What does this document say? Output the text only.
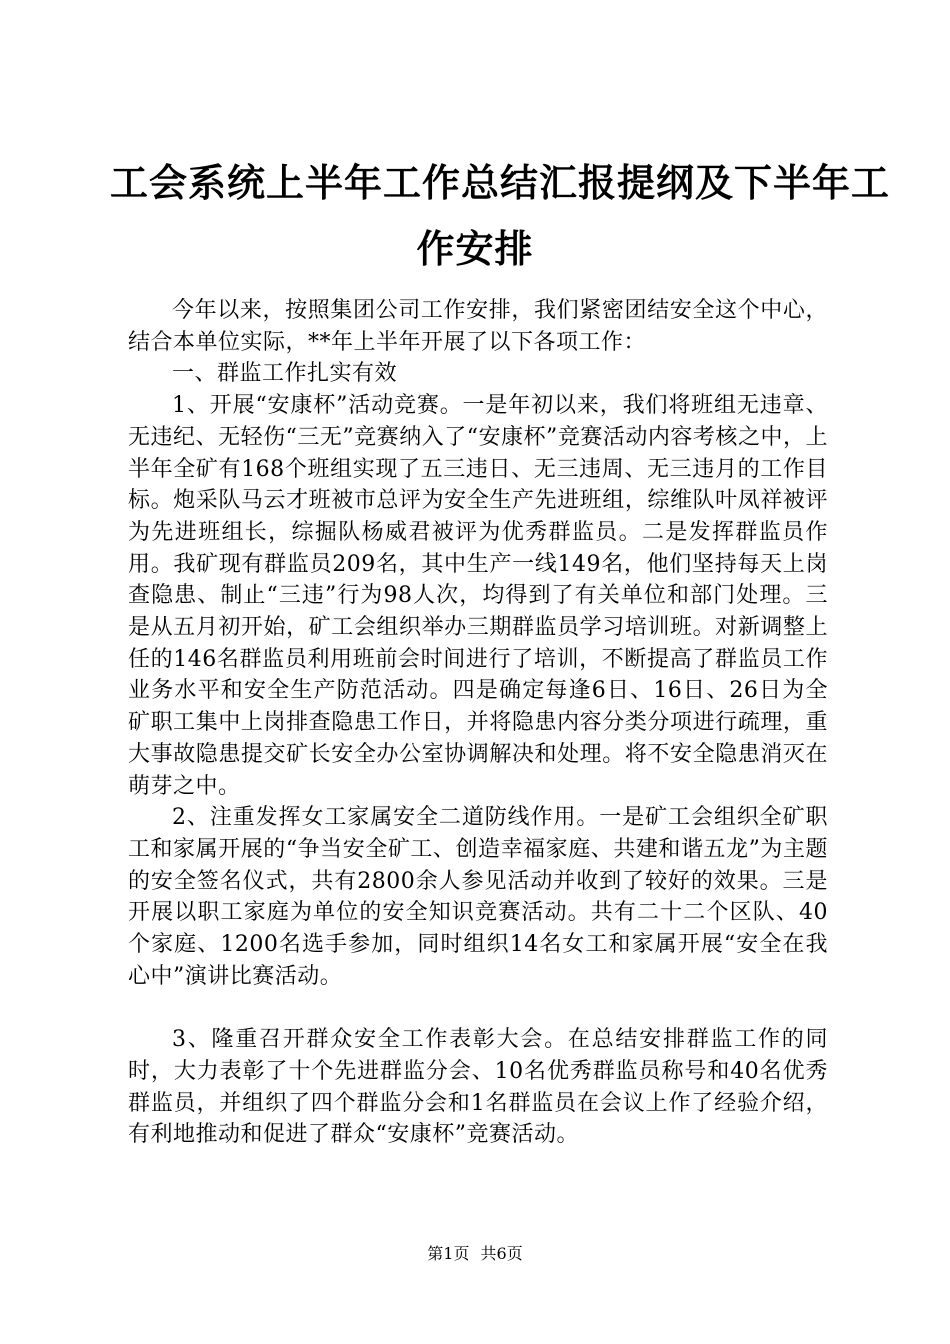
工会系统上半年工作总结汇报提纲及下半年工
作安排

今年以来，按照集团公司工作安排，我们紧密团结安全这个中心，结合本单位实际，**年上半年开展了以下各项工作：

一、群监工作扎实有效

1、开展“安康杯”活动竞赛。一是年初以来，我们将班组无违章、无违纪、无轻伤“三无”竞赛纳入了“安康杯”竞赛活动内容考核之中，上半年全矿有168个班组实现了五三违日、无三违周、无三违月的工作目标。炮采队马云才班被市总评为安全生产先进班组，综维队叶凤祥被评为先进班组长，综掘队杨威君被评为优秀群监员。二是发挥群监员作用。我矿现有群监员209名，其中生产一线149名，他们坚持每天上岗查隐患、制止“三违”行为98人次，均得到了有关单位和部门处理。三是从五月初开始，矿工会组织举办三期群监员学习培训班。对新调整上任的146名群监员利用班前会时间进行了培训，不断提高了群监员工作业务水平和安全生产防范活动。四是确定每逢6日、16日、26日为全矿职工集中上岗排查隐患工作日，并将隐患内容分类分项进行疏理，重大事故隐患提交矿长安全办公室协调解决和处理。将不安全隐患消灭在萌芽之中。

2、注重发挥女工家属安全二道防线作用。一是矿工会组织全矿职工和家属开展的“争当安全矿工、创造幸福家庭、共建和谐五龙”为主题的安全签名仪式，共有2800余人参见活动并收到了较好的效果。三是开展以职工家庭为单位的安全知识竞赛活动。共有二十二个区队、40个家庭、1200名选手参加，同时组织14名女工和家属开展“安全在我心中”演讲比赛活动。

3、隆重召开群众安全工作表彰大会。在总结安排群监工作的同时，大力表彰了十个先进群监分会、10名优秀群监员称号和40名优秀群监员，并组织了四个群监分会和1名群监员在会议上作了经验介绍，有利地推动和促进了群众“安康杯”竞赛活动。

第1页 共6页
